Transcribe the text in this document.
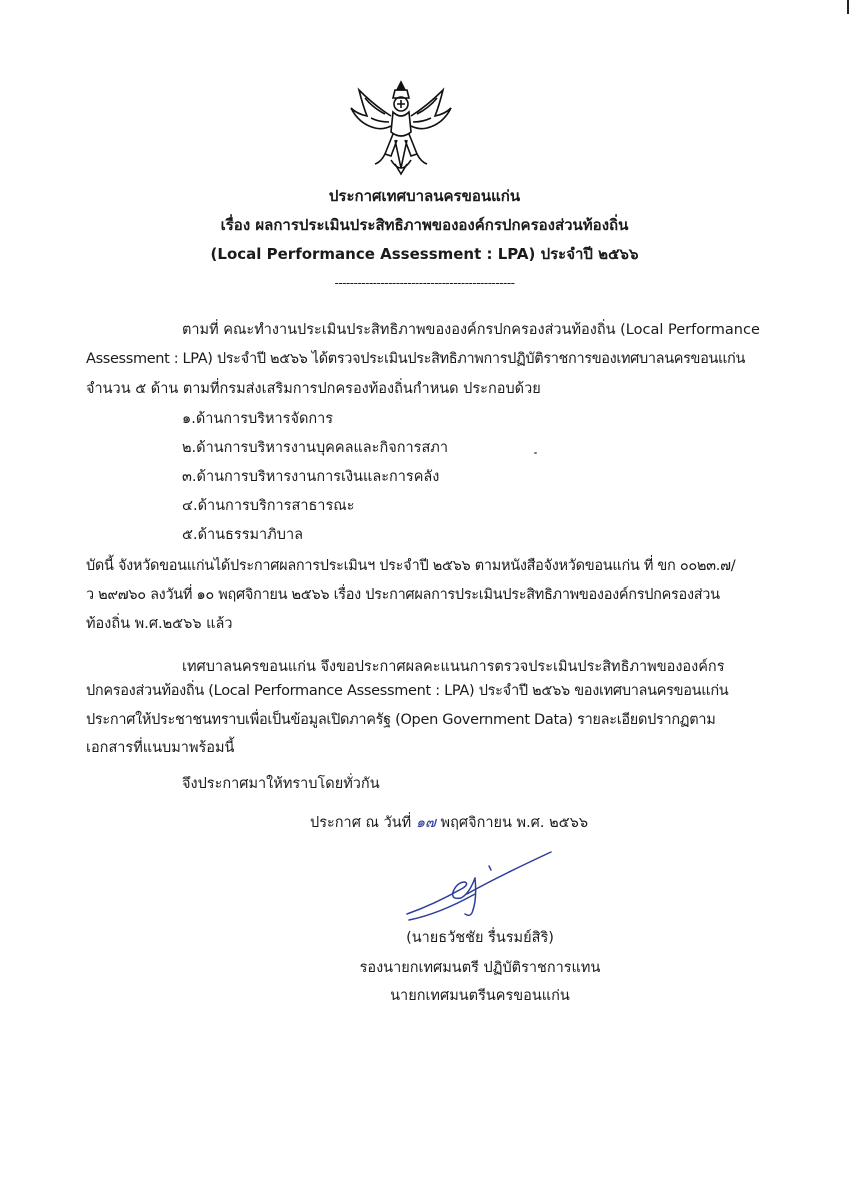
ประกาศเทศบาลนครขอนแก่น
เรื่อง ผลการประเมินประสิทธิภาพขององค์กรปกครองส่วนท้องถิ่น
(Local Performance Assessment : LPA) ประจำปี ๒๕๖๖
-----------------------------------------------
ตามที่ คณะทำงานประเมินประสิทธิภาพขององค์กรปกครองส่วนท้องถิ่น (Local Performance
Assessment : LPA) ประจำปี ๒๕๖๖ ได้ตรวจประเมินประสิทธิภาพการปฏิบัติราชการของเทศบาลนครขอนแก่น
จำนวน ๕ ด้าน ตามที่กรมส่งเสริมการปกครองท้องถิ่นกำหนด ประกอบด้วย
๑.ด้านการบริหารจัดการ
๒.ด้านการบริหารงานบุคคลและกิจการสภา
๓.ด้านการบริหารงานการเงินและการคลัง
๔.ด้านการบริการสาธารณะ
๕.ด้านธรรมาภิบาล
บัดนี้ จังหวัดขอนแก่นได้ประกาศผลการประเมินฯ ประจำปี ๒๕๖๖ ตามหนังสือจังหวัดขอนแก่น ที่ ขก ๐๐๒๓.๗/
ว ๒๙๗๖๐ ลงวันที่ ๑๐ พฤศจิกายน ๒๕๖๖ เรื่อง ประกาศผลการประเมินประสิทธิภาพขององค์กรปกครองส่วน
ท้องถิ่น พ.ศ.๒๕๖๖ แล้ว
เทศบาลนครขอนแก่น จึงขอประกาศผลคะแนนการตรวจประเมินประสิทธิภาพขององค์กร
ปกครองส่วนท้องถิ่น (Local Performance Assessment : LPA) ประจำปี ๒๕๖๖ ของเทศบาลนครขอนแก่น
ประกาศให้ประชาชนทราบเพื่อเป็นข้อมูลเปิดภาครัฐ (Open Government Data) รายละเอียดปรากฏตาม
เอกสารที่แนบมาพร้อมนี้
จึงประกาศมาให้ทราบโดยทั่วกัน
ประกาศ ณ วันที่ ๑๗ พฤศจิกายน พ.ศ. ๒๕๖๖
(นายธวัชชัย รื่นรมย์สิริ)
รองนายกเทศมนตรี ปฏิบัติราชการแทน
นายกเทศมนตรีนครขอนแก่น
